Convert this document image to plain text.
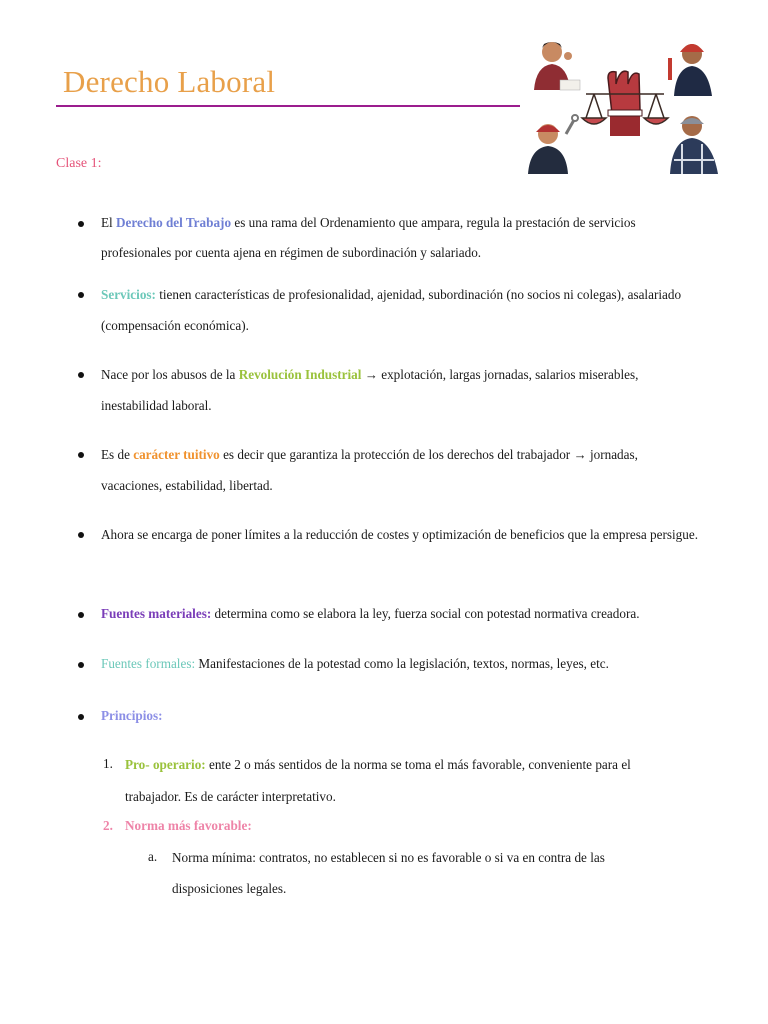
Derecho Laboral
Clase 1:
El Derecho del Trabajo es una rama del Ordenamiento que ampara, regula la prestación de servicios profesionales por cuenta ajena en régimen de subordinación y salariado.
Servicios: tienen características de profesionalidad, ajenidad, subordinación (no socios ni colegas), asalariado (compensación económica).
Nace por los abusos de la Revolución Industrial → explotación, largas jornadas, salarios miserables, inestabilidad laboral.
Es de carácter tuitivo es decir que garantiza la protección de los derechos del trabajador → jornadas, vacaciones, estabilidad, libertad.
Ahora se encarga de poner límites a la reducción de costes y optimización de beneficios que la empresa persigue.
Fuentes materiales: determina como se elabora la ley, fuerza social con potestad normativa creadora.
Fuentes formales: Manifestaciones de la potestad como la legislación, textos, normas, leyes, etc.
Principios:
1. Pro- operario: ente 2 o más sentidos de la norma se toma el más favorable, conveniente para el trabajador. Es de carácter interpretativo.
2. Norma más favorable:
a. Norma mínima: contratos, no establecen si no es favorable o si va en contra de las disposiciones legales.
